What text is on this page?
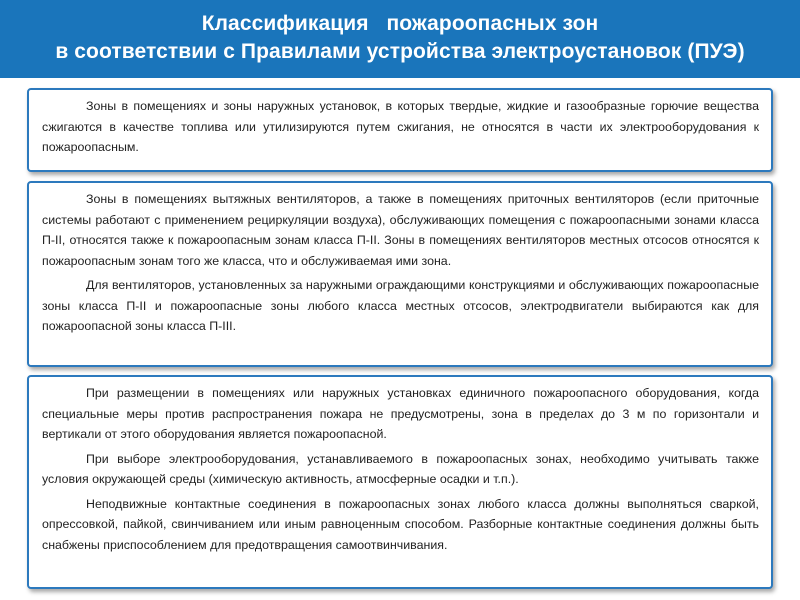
Классификация   пожароопасных зон
в соответствии с Правилами устройства электроустановок (ПУЭ)

Зоны в помещениях и зоны наружных установок, в которых твердые, жидкие и газообразные горючие вещества сжигаются в качестве топлива или утилизируются путем сжигания, не относятся в части их электрооборудования к пожароопасным.

Зоны в помещениях вытяжных вентиляторов, а также в помещениях приточных вентиляторов (если приточные системы работают с применением рециркуляции воздуха), обслуживающих помещения с пожароопасными зонами класса П-II, относятся также к пожароопасным зонам класса П-II. Зоны в помещениях вентиляторов местных отсосов относятся к пожароопасным зонам того же класса, что и обслуживаемая ими зона.

Для вентиляторов, установленных за наружными ограждающими конструкциями и обслуживающих пожароопасные зоны класса П-II и пожароопасные зоны любого класса местных отсосов, электродвигатели выбираются как для пожароопасной зоны класса П-III.

При размещении в помещениях или наружных установках единичного пожароопасного оборудования, когда специальные меры против распространения пожара не предусмотрены, зона в пределах до 3 м по горизонтали и вертикали от этого оборудования является пожароопасной.

При выборе электрооборудования, устанавливаемого в пожароопасных зонах, необходимо учитывать также условия окружающей среды (химическую активность, атмосферные осадки и т.п.).

Неподвижные контактные соединения в пожароопасных зонах любого класса должны выполняться сваркой, опрессовкой, пайкой, свинчиванием или иным равноценным способом. Разборные контактные соединения должны быть снабжены приспособлением для предотвращения самоотвинчивания.
